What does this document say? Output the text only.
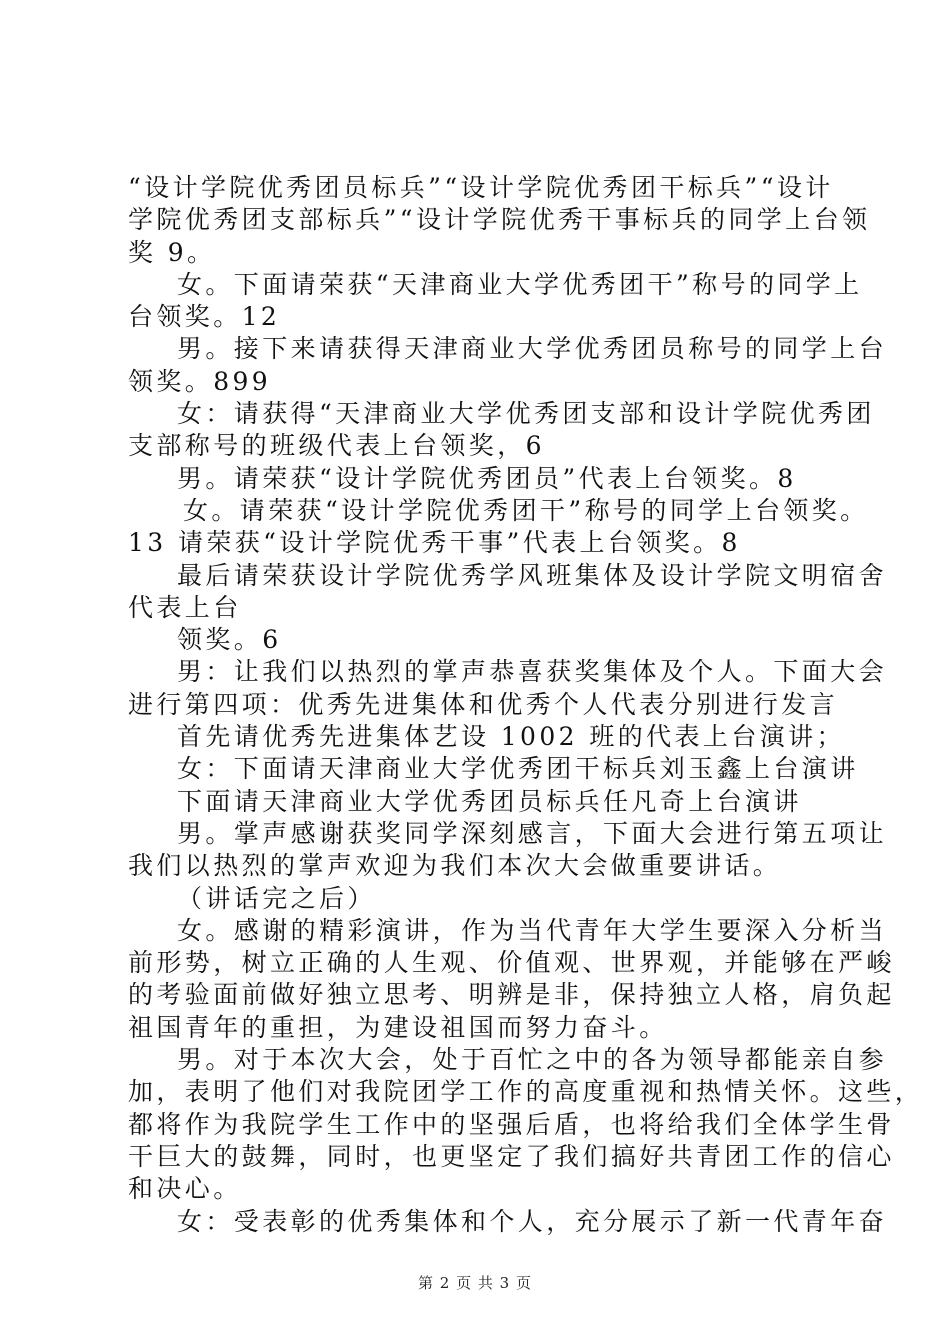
“设计学院优秀团员标兵”“设计学院优秀团干标兵”“设计
学院优秀团支部标兵”“设计学院优秀干事标兵的同学上台领
奖 9。
女。下面请荣获“天津商业大学优秀团干”称号的同学上
台领奖。12
男。接下来请获得天津商业大学优秀团员称号的同学上台
领奖。899
女：请获得“天津商业大学优秀团支部和设计学院优秀团
支部称号的班级代表上台领奖，6
男。请荣获“设计学院优秀团员”代表上台领奖。8
女。请荣获“设计学院优秀团干”称号的同学上台领奖。
13 请荣获“设计学院优秀干事”代表上台领奖。8
最后请荣获设计学院优秀学风班集体及设计学院文明宿舍
代表上台
领奖。6
男：让我们以热烈的掌声恭喜获奖集体及个人。下面大会
进行第四项：优秀先进集体和优秀个人代表分别进行发言
首先请优秀先进集体艺设 1002 班的代表上台演讲；
女：下面请天津商业大学优秀团干标兵刘玉鑫上台演讲
下面请天津商业大学优秀团员标兵任凡奇上台演讲
男。掌声感谢获奖同学深刻感言，下面大会进行第五项让
我们以热烈的掌声欢迎为我们本次大会做重要讲话。
（讲话完之后）
女。感谢的精彩演讲，作为当代青年大学生要深入分析当
前形势，树立正确的人生观、价值观、世界观，并能够在严峻
的考验面前做好独立思考、明辨是非，保持独立人格，肩负起
祖国青年的重担，为建设祖国而努力奋斗。
男。对于本次大会，处于百忙之中的各为领导都能亲自参
加，表明了他们对我院团学工作的高度重视和热情关怀。这些，
都将作为我院学生工作中的坚强后盾，也将给我们全体学生骨
干巨大的鼓舞，同时，也更坚定了我们搞好共青团工作的信心
和决心。
女：受表彰的优秀集体和个人，充分展示了新一代青年奋
第 2 页 共 3 页
